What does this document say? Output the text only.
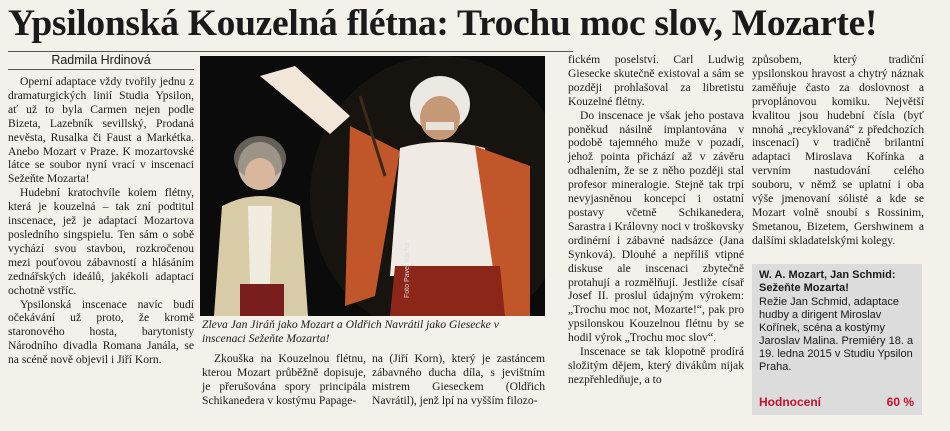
Ypsilonská Kouzelná flétna: Trochu moc slov, Mozarte!
Radmila Hrdinová

Operní adaptace vždy tvořily jednu z dramaturgických linií Studia Ypsilon, ať už to byla Carmen nejen podle Bizeta, Lazebník sevillský, Prodaná nevěsta, Rusalka či Faust a Markétka. Anebo Mozart v Praze. K mozartovské látce se soubor nyní vrací v inscenaci Sežeňte Mozarta!

Hudební kratochvíle kolem flétny, která je kouzelná – tak zní podtitul inscenace, jež je adaptací Mozartova posledního singspielu. Ten sám o sobě vychází svou stavbou, rozkročenou mezi pouťovou zábavností a hlásáním zednářských ideálů, jakékoli adaptaci ochotně vstříc.

Ypsilonská inscenace navíc budí očekávání už proto, že kromě staronového hosta, barytonisty Národního divadla Romana Janála, se na scéně nově objevil i Jiří Korn.

Foto Pavel Vácha
Zleva Jan Jiráň jako Mozart a Oldřich Navrátil jako Giesecke v inscenaci Sežeňte Mozarta!

Zkouška na Kouzelnou flétnu, kterou Mozart průběžně dopisuje, je přerušována spory principála Schikanedera v kostýmu Papage-

na (Jiří Korn), který je zastáncem zábavného ducha díla, s jevištním mistrem Gieseckem (Oldřich Navrátil), jenž lpí na vyšším filozo-

fickém poselství. Carl Ludwig Giesecke skutečně existoval a sám se později prohlašoval za libretistu Kouzelné flétny.

Do inscenace je však jeho postava poněkud násilně implantována v podobě tajemného muže v pozadí, jehož pointa přichází až v závěru odhalením, že se z něho později stal profesor mineralogie. Stejně tak trpí nevyjasněnou koncepcí i ostatní postavy včetně Schikanedera, Sarastra i Královny noci v troškovsky ordinérní i zábavné nadsázce (Jana Synková). Dlouhé a nepříliš vtipné diskuse ale inscenaci zbytečně protahují a rozmělňují. Jestliže císař Josef II. proslul údajným výrokem: „Trochu moc not, Mozarte!“, pak pro ypsilonskou Kouzelnou flétnu by se hodil výrok „Trochu moc slov“.

Inscenace se tak klopotně prodírá složitým dějem, který divákům nijak nezpřehledňuje, a to

způsobem, který tradiční ypsilonskou hravost a chytrý náznak zaměňuje často za doslovnost a prvoplánovou komiku. Největší kvalitou jsou hudební čísla (byť mnohá „recyklovaná“ z předchozích inscenací) v tradičně brilantní adaptaci Miroslava Kořínka a vervním nastudování celého souboru, v němž se uplatní i oba výše jmenovaní sólisté a kde se Mozart volně snoubí s Rossinim, Smetanou, Bizetem, Gershwinem a dalšími skladatelskými kolegy.

W. A. Mozart, Jan Schmid: Sežeňte Mozarta!
Režie Jan Schmid, adaptace hudby a dirigent Miroslav Kořínek, scéna a kostýmy Jaroslav Malina. Premiéry 18. a 19. ledna 2015 v Studiu Ypsilon Praha.
Hodnocení	60 %
